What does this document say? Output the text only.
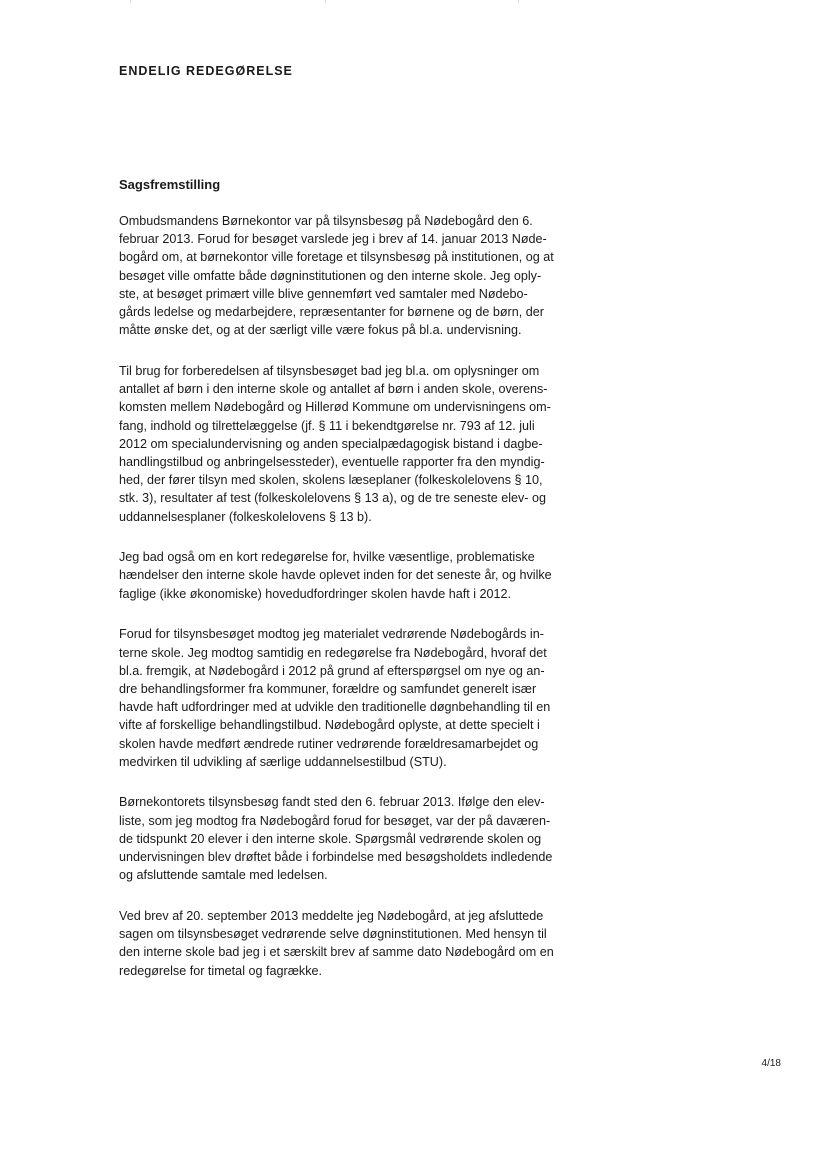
ENDELIG REDEGØRELSE
Sagsfremstilling

Ombudsmandens Børnekontor var på tilsynsbesøg på Nødebogård den 6.
februar 2013. Forud for besøget varslede jeg i brev af 14. januar 2013 Nøde-
bogård om, at børnekontor ville foretage et tilsynsbesøg på institutionen, og at
besøget ville omfatte både døgninstitutionen og den interne skole. Jeg oply-
ste, at besøget primært ville blive gennemført ved samtaler med Nødebo-
gårds ledelse og medarbejdere, repræsentanter for børnene og de børn, der
måtte ønske det, og at der særligt ville være fokus på bl.a. undervisning.

Til brug for forberedelsen af tilsynsbesøget bad jeg bl.a. om oplysninger om
antallet af børn i den interne skole og antallet af børn i anden skole, overens-
komsten mellem Nødebogård og Hillerød Kommune om undervisningens om-
fang, indhold og tilrettelæggelse (jf. § 11 i bekendtgørelse nr. 793 af 12. juli
2012 om specialundervisning og anden specialpædagogisk bistand i dagbe-
handlingstilbud og anbringelsessteder), eventuelle rapporter fra den myndig-
hed, der fører tilsyn med skolen, skolens læseplaner (folkeskolelovens § 10,
stk. 3), resultater af test (folkeskolelovens § 13 a), og de tre seneste elev- og
uddannelsesplaner (folkeskolelovens § 13 b).

Jeg bad også om en kort redegørelse for, hvilke væsentlige, problematiske
hændelser den interne skole havde oplevet inden for det seneste år, og hvilke
faglige (ikke økonomiske) hovedudfordringer skolen havde haft i 2012.

Forud for tilsynsbesøget modtog jeg materialet vedrørende Nødebogårds in-
terne skole. Jeg modtog samtidig en redegørelse fra Nødebogård, hvoraf det
bl.a. fremgik, at Nødebogård i 2012 på grund af efterspørgsel om nye og an-
dre behandlingsformer fra kommuner, forældre og samfundet generelt især
havde haft udfordringer med at udvikle den traditionelle døgnbehandling til en
vifte af forskellige behandlingstilbud. Nødebogård oplyste, at dette specielt i
skolen havde medført ændrede rutiner vedrørende forældresamarbejdet og
medvirken til udvikling af særlige uddannelsestilbud (STU).

Børnekontorets tilsynsbesøg fandt sted den 6. februar 2013. Ifølge den elev-
liste, som jeg modtog fra Nødebogård forud for besøget, var der på daværen-
de tidspunkt 20 elever i den interne skole. Spørgsmål vedrørende skolen og
undervisningen blev drøftet både i forbindelse med besøgsholdets indledende
og afsluttende samtale med ledelsen.

Ved brev af 20. september 2013 meddelte jeg Nødebogård, at jeg afsluttede
sagen om tilsynsbesøget vedrørende selve døgninstitutionen. Med hensyn til
den interne skole bad jeg i et særskilt brev af samme dato Nødebogård om en
redegørelse for timetal og fagrække.

4/18
